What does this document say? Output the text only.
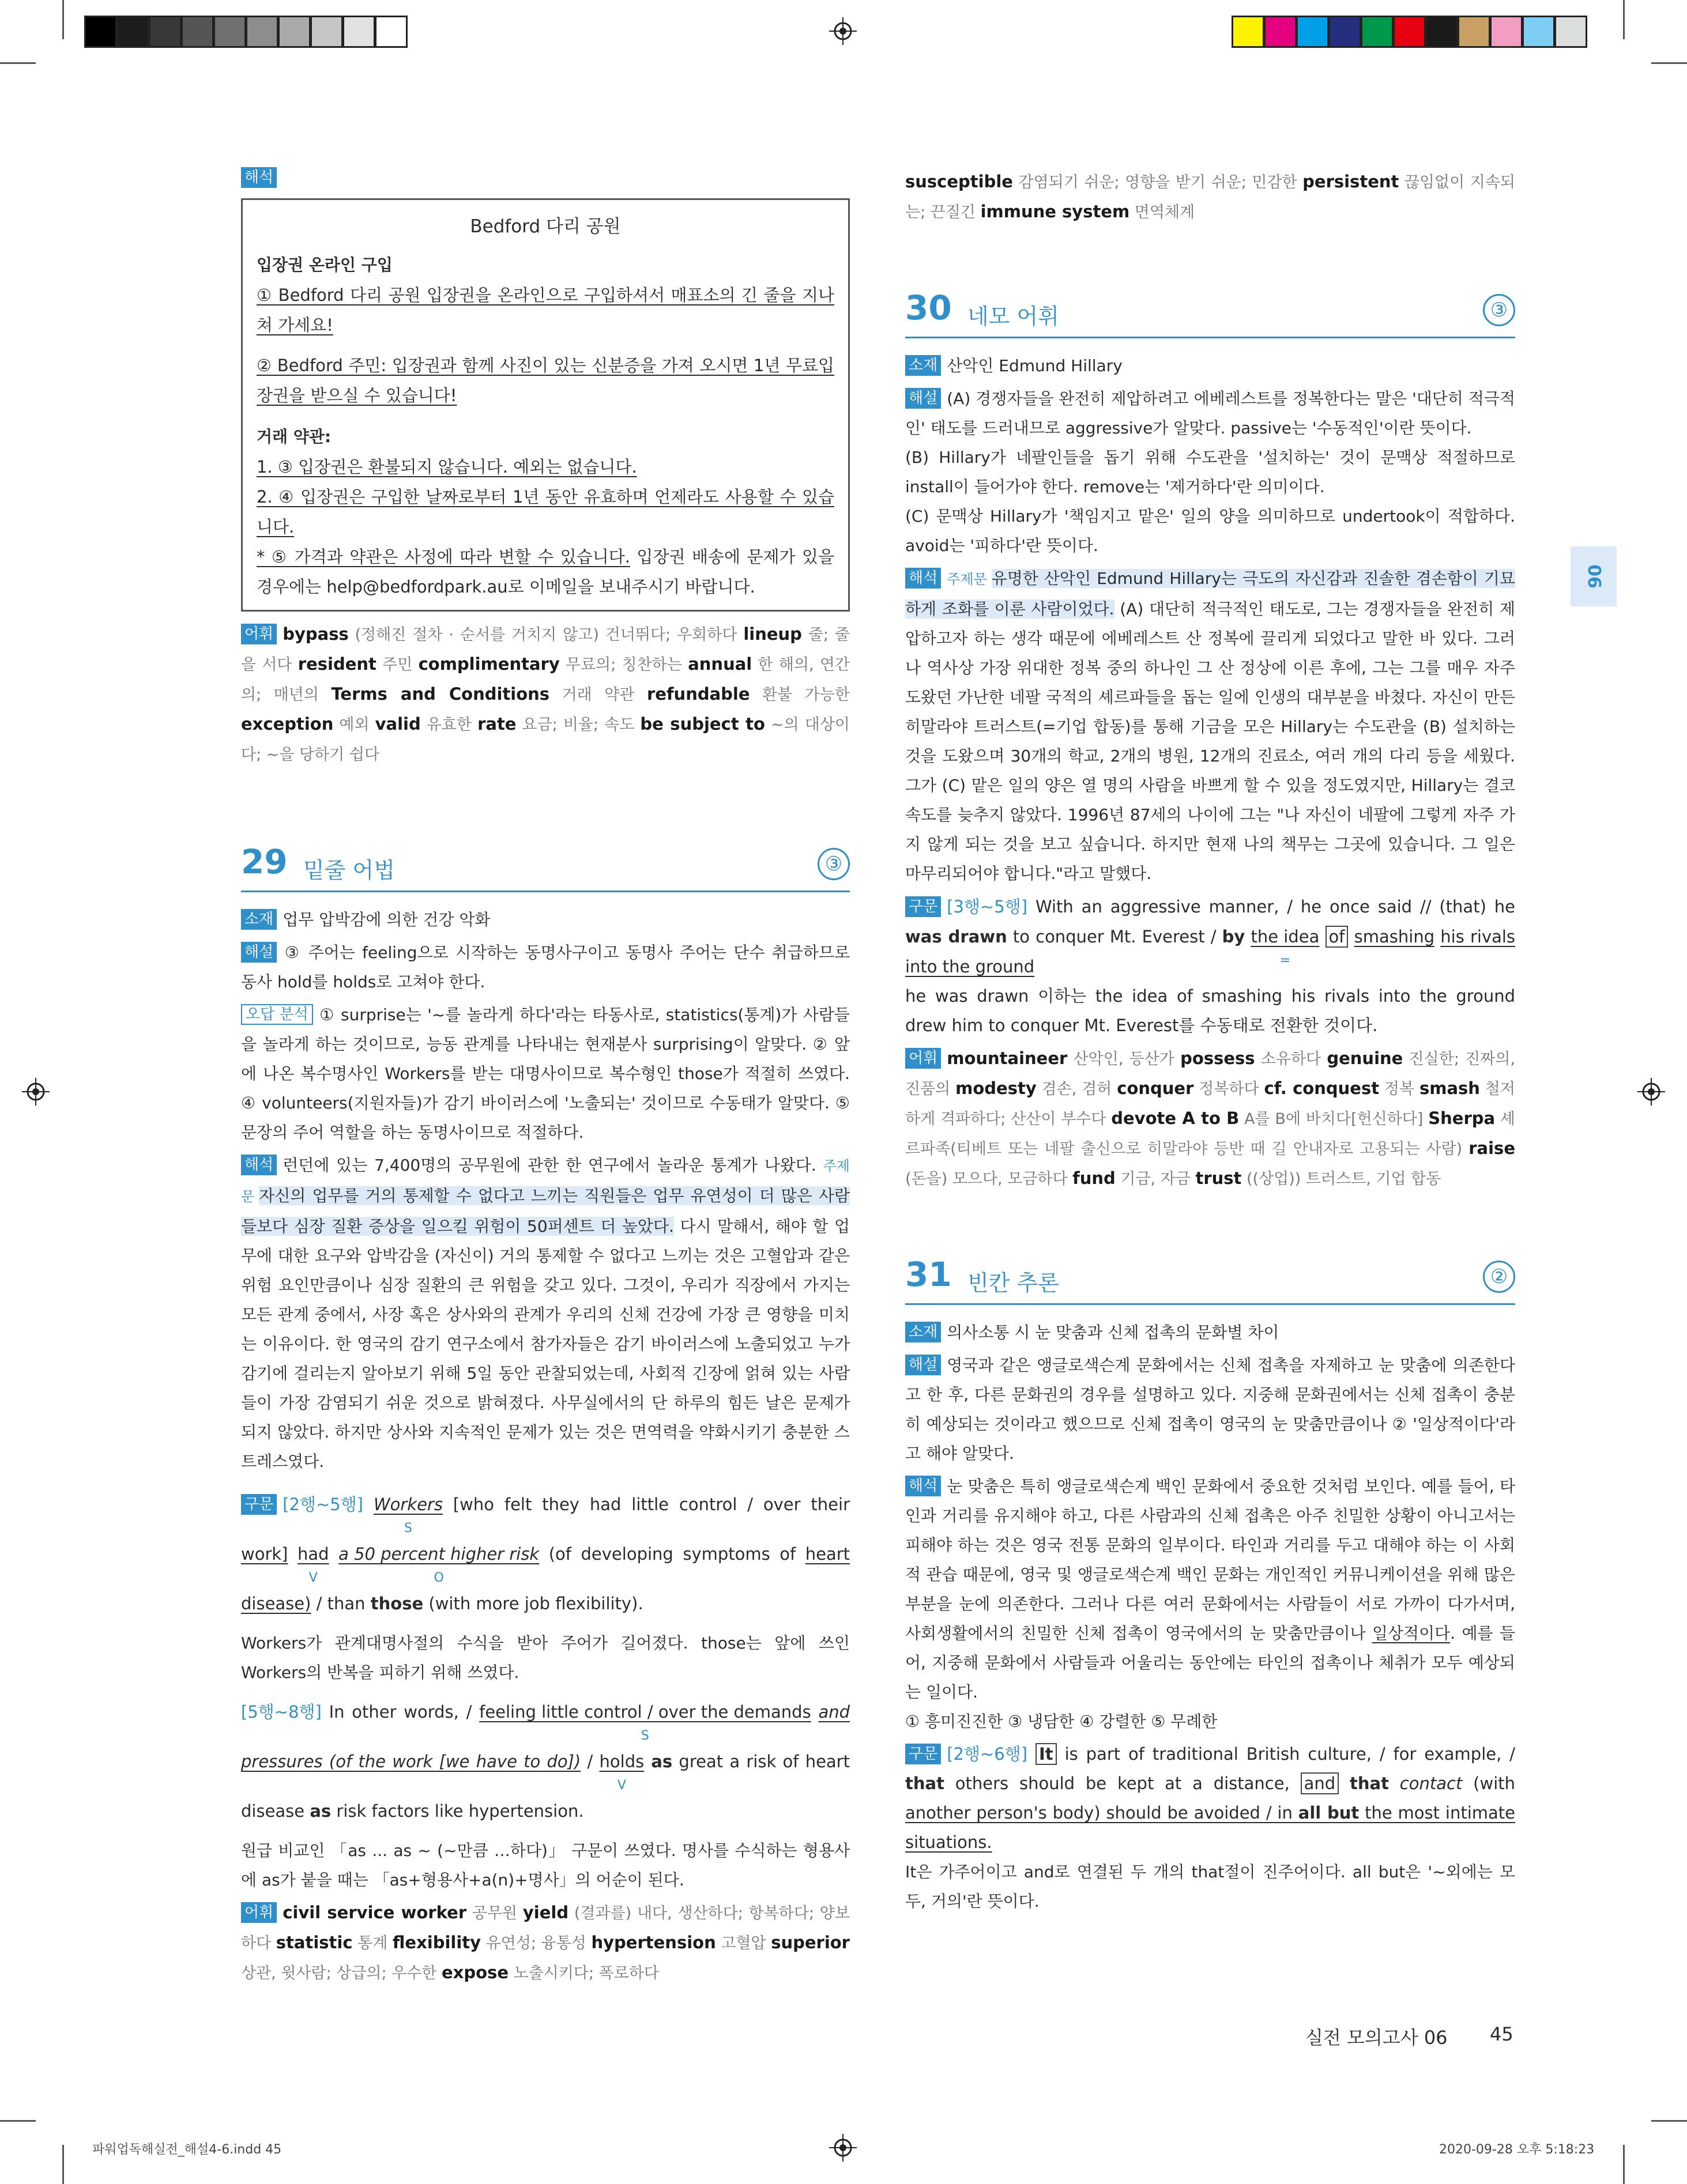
해석
Bedford 다리 공원

입장권 온라인 구입

① Bedford 다리 공원 입장권을 온라인으로 구입하셔서 매표소의 긴 줄을 지나쳐 가세요!

② Bedford 주민: 입장권과 함께 사진이 있는 신분증을 가져 오시면 1년 무료입장권을 받으실 수 있습니다!

거래 약관:

1. ③ 입장권은 환불되지 않습니다. 예외는 없습니다.

2. ④ 입장권은 구입한 날짜로부터 1년 동안 유효하며 언제라도 사용할 수 있습니다.

* ⑤ 가격과 약관은 사정에 따라 변할 수 있습니다. 입장권 배송에 문제가 있을 경우에는 help@bedfordpark.au로 이메일을 보내주시기 바랍니다.

어휘 bypass (정해진 절차 · 순서를 거치지 않고) 건너뛰다; 우회하다 lineup 줄; 줄을 서다 resident 주민 complimentary 무료의; 칭찬하는 annual 한 해의, 연간의; 매년의 Terms and Conditions 거래 약관 refundable 환불 가능한 exception 예외 valid 유효한 rate 요금; 비율; 속도 be subject to ~의 대상이다; ~을 당하기 쉽다

29 밑줄 어법	③

소재 업무 압박감에 의한 건강 악화

해설 ③ 주어는 feeling으로 시작하는 동명사구이고 동명사 주어는 단수 취급하므로 동사 hold를 holds로 고쳐야 한다.

오답 분석 ① surprise는 '~를 놀라게 하다'라는 타동사로, statistics(통계)가 사람들을 놀라게 하는 것이므로, 능동 관계를 나타내는 현재분사 surprising이 알맞다. ② 앞에 나온 복수명사인 Workers를 받는 대명사이므로 복수형인 those가 적절히 쓰였다. ④ volunteers(지원자들)가 감기 바이러스에 '노출되는' 것이므로 수동태가 알맞다. ⑤ 문장의 주어 역할을 하는 동명사이므로 적절하다.

해석 런던에 있는 7,400명의 공무원에 관한 한 연구에서 놀라운 통계가 나왔다. 주제문 자신의 업무를 거의 통제할 수 없다고 느끼는 직원들은 업무 유연성이 더 많은 사람들보다 심장 질환 증상을 일으킬 위험이 50퍼센트 더 높았다. 다시 말해서, 해야 할 업무에 대한 요구와 압박감을 (자신이) 거의 통제할 수 없다고 느끼는 것은 고혈압과 같은 위험 요인만큼이나 심장 질환의 큰 위험을 갖고 있다. 그것이, 우리가 직장에서 가지는 모든 관계 중에서, 사장 혹은 상사와의 관계가 우리의 신체 건강에 가장 큰 영향을 미치는 이유이다. 한 영국의 감기 연구소에서 참가자들은 감기 바이러스에 노출되었고 누가 감기에 걸리는지 알아보기 위해 5일 동안 관찰되었는데, 사회적 긴장에 얽혀 있는 사람들이 가장 감염되기 쉬운 것으로 밝혀졌다. 사무실에서의 단 하루의 힘든 날은 문제가 되지 않았다. 하지만 상사와 지속적인 문제가 있는 것은 면역력을 약화시키기 충분한 스트레스였다.

구문 [2행~5행] Workers
S
[who felt they had little control / over their work] had
V
a 50 percent higher risk
O
(of developing symptoms of heart disease) / than those (with more job flexibility).

Workers가 관계대명사절의 수식을 받아 주어가 길어졌다. those는 앞에 쓰인 Workers의 반복을 피하기 위해 쓰였다.

[5행~8행] In other words, / feeling little control / over the demands
S
and pressures (of the work [we have to do]) / holds
V
as great a risk of heart disease as risk factors like hypertension.

원급 비교인 「as ... as ~ (~만큼 …하다)」 구문이 쓰였다. 명사를 수식하는 형용사에 as가 붙을 때는 「as+형용사+a(n)+명사」의 어순이 된다.

어휘 civil service worker 공무원 yield (결과를) 내다, 생산하다; 항복하다; 양보하다 statistic 통계 flexibility 유연성; 융통성 hypertension 고혈압 superior 상관, 윗사람; 상급의; 우수한 expose 노출시키다; 폭로하다

susceptible 감염되기 쉬운; 영향을 받기 쉬운; 민감한 persistent 끊임없이 지속되는; 끈질긴 immune system 면역체계

30 네모 어휘	③

소재 산악인 Edmund Hillary

해설 (A) 경쟁자들을 완전히 제압하려고 에베레스트를 정복한다는 말은 '대단히 적극적인' 태도를 드러내므로 aggressive가 알맞다. passive는 '수동적인'이란 뜻이다.

(B) Hillary가 네팔인들을 돕기 위해 수도관을 '설치하는' 것이 문맥상 적절하므로 install이 들어가야 한다. remove는 '제거하다'란 의미이다.

(C) 문맥상 Hillary가 '책임지고 맡은' 일의 양을 의미하므로 undertook이 적합하다. avoid는 '피하다'란 뜻이다.

해석 주제문 유명한 산악인 Edmund Hillary는 극도의 자신감과 진솔한 겸손함이 기묘하게 조화를 이룬 사람이었다. (A) 대단히 적극적인 태도로, 그는 경쟁자들을 완전히 제압하고자 하는 생각 때문에 에베레스트 산 정복에 끌리게 되었다고 말한 바 있다. 그러나 역사상 가장 위대한 정복 중의 하나인 그 산 정상에 이른 후에, 그는 그를 매우 자주 도왔던 가난한 네팔 국적의 셰르파들을 돕는 일에 인생의 대부분을 바쳤다. 자신이 만든 히말라야 트러스트(=기업 합동)를 통해 기금을 모은 Hillary는 수도관을 (B) 설치하는 것을 도왔으며 30개의 학교, 2개의 병원, 12개의 진료소, 여러 개의 다리 등을 세웠다. 그가 (C) 맡은 일의 양은 열 명의 사람을 바쁘게 할 수 있을 정도였지만, Hillary는 결코 속도를 늦추지 않았다. 1996년 87세의 나이에 그는 "나 자신이 네팔에 그렇게 자주 가지 않게 되는 것을 보고 싶습니다. 하지만 현재 나의 책무는 그곳에 있습니다. 그 일은 마무리되어야 합니다."라고 말했다.

구문 [3행~5행] With an aggressive manner, / he once said // (that) he was drawn to conquer Mt. Everest / by the idea
=
of smashing his rivals into the ground

he was drawn 이하는 the idea of smashing his rivals into the ground drew him to conquer Mt. Everest를 수동태로 전환한 것이다.

어휘 mountaineer 산악인, 등산가 possess 소유하다 genuine 진실한; 진짜의, 진품의 modesty 겸손, 겸허 conquer 정복하다 cf. conquest 정복 smash 철저하게 격파하다; 산산이 부수다 devote A to B A를 B에 바치다[헌신하다] Sherpa 셰르파족(티베트 또는 네팔 출신으로 히말라야 등반 때 길 안내자로 고용되는 사람) raise (돈을) 모으다, 모금하다 fund 기금, 자금 trust ((상업)) 트러스트, 기업 합동

31 빈칸 추론	②

소재 의사소통 시 눈 맞춤과 신체 접촉의 문화별 차이

해설 영국과 같은 앵글로색슨계 문화에서는 신체 접촉을 자제하고 눈 맞춤에 의존한다고 한 후, 다른 문화권의 경우를 설명하고 있다. 지중해 문화권에서는 신체 접촉이 충분히 예상되는 것이라고 했으므로 신체 접촉이 영국의 눈 맞춤만큼이나 ② '일상적이다'라고 해야 알맞다.

해석 눈 맞춤은 특히 앵글로색슨계 백인 문화에서 중요한 것처럼 보인다. 예를 들어, 타인과 거리를 유지해야 하고, 다른 사람과의 신체 접촉은 아주 친밀한 상황이 아니고서는 피해야 하는 것은 영국 전통 문화의 일부이다. 타인과 거리를 두고 대해야 하는 이 사회적 관습 때문에, 영국 및 앵글로색슨계 백인 문화는 개인적인 커뮤니케이션을 위해 많은 부분을 눈에 의존한다. 그러나 다른 여러 문화에서는 사람들이 서로 가까이 다가서며, 사회생활에서의 친밀한 신체 접촉이 영국에서의 눈 맞춤만큼이나 일상적이다. 예를 들어, 지중해 문화에서 사람들과 어울리는 동안에는 타인의 접촉이나 체취가 모두 예상되는 일이다.

① 흥미진진한 ③ 냉담한 ④ 강렬한 ⑤ 무례한

구문 [2행~6행] It is part of traditional British culture, / for example, / that others should be kept at a distance, and that contact (with another person's body) should be avoided / in all but the most intimate situations.

It은 가주어이고 and로 연결된 두 개의 that절이 진주어이다. all but은 '~외에는 모두, 거의'란 뜻이다.

06
실전 모의고사 06 45
파워업독해실전_해설4-6.indd 45	2020-09-28 오후 5:18:23
